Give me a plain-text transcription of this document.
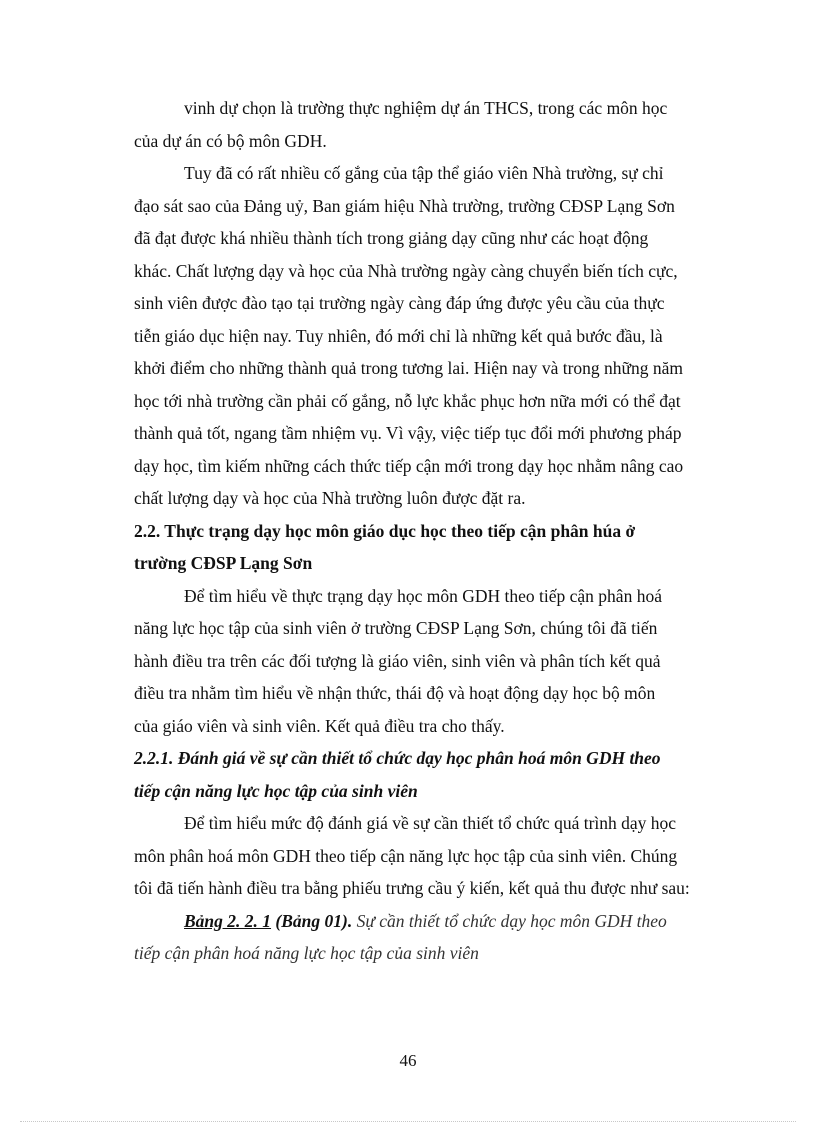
vinh dự chọn là trường thực nghiệm dự án THCS, trong các môn học
của dự án có bộ môn GDH.

Tuy đã có rất nhiều cố gắng của tập thể giáo viên Nhà trường, sự chỉ
đạo sát sao của Đảng uỷ, Ban giám hiệu Nhà trường, trường CĐSP Lạng Sơn
đã đạt được khá nhiều thành tích trong giảng dạy cũng như các hoạt động
khác. Chất lượng dạy và học của Nhà trường ngày càng chuyển biến tích cực,
sinh viên được đào tạo tại trường ngày càng đáp ứng được yêu cầu của thực
tiễn giáo dục hiện nay. Tuy nhiên, đó mới chỉ là những kết quả bước đầu, là
khởi điểm cho những thành quả trong tương lai. Hiện nay và trong những năm
học tới nhà trường cần phải cố gắng, nỗ lực khắc phục hơn nữa mới có thể đạt
thành quả tốt, ngang tầm nhiệm vụ. Vì vậy, việc tiếp tục đổi mới phương pháp
dạy học, tìm kiếm những cách thức tiếp cận mới trong dạy học nhằm nâng cao
chất lượng dạy và học của Nhà trường luôn được đặt ra.

2.2. Thực trạng dạy học môn giáo dục học theo tiếp cận phân húa ở
trường CĐSP Lạng Sơn

Để tìm hiểu về thực trạng dạy học môn GDH theo tiếp cận phân hoá
năng lực học tập của sinh viên ở trường CĐSP Lạng Sơn, chúng tôi đã tiến
hành điều tra trên các đối tượng là giáo viên, sinh viên và phân tích kết quả
điều tra nhằm tìm hiểu về nhận thức, thái độ và hoạt động dạy học bộ môn
của giáo viên và sinh viên. Kết quả điều tra cho thấy.

2.2.1. Đánh giá về sự cần thiết tổ chức dạy học phân hoá môn GDH theo
tiếp cận năng lực học tập của sinh viên

Để tìm hiểu mức độ đánh giá về sự cần thiết tổ chức quá trình dạy học
môn phân hoá môn GDH theo tiếp cận năng lực học tập của sinh viên. Chúng
tôi đã tiến hành điều tra bằng phiếu trưng cầu ý kiến, kết quả thu được như sau:

Bảng 2. 2. 1 (Bảng 01). Sự cần thiết tổ chức dạy học môn GDH theo
tiếp cận phân hoá năng lực học tập của sinh viên

46
